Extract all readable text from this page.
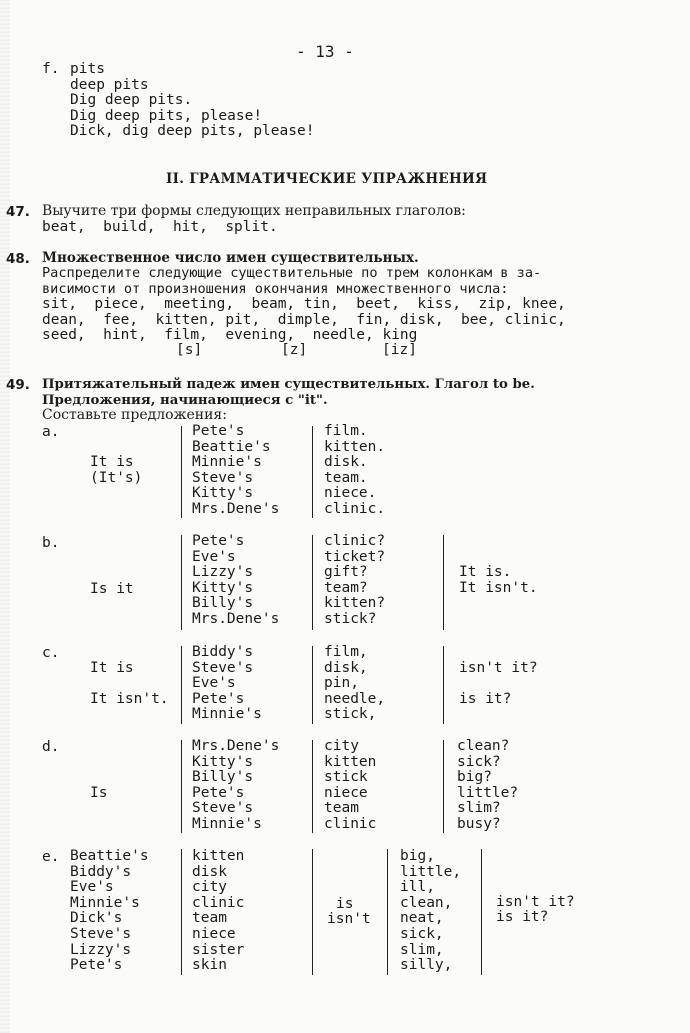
- 13 -
f. pits
deep pits
Dig deep pits.
Dig deep pits, please!
Dick, dig deep pits, please!
II. ГРАММАТИЧЕСКИЕ УПРАЖНЕНИЯ
47. Выучите три формы следующих неправильных глаголов:
beat,  build,  hit,  split.
48. Множественное число имен существительных.
Распределите следующие существительные по трем колонкам в за-
висимости от произношения окончания множественного числа:
sit,  piece,  meeting,  beam, tin,  beet,  kiss,  zip, knee,
dean,  fee,  kitten, pit,  dimple,  fin, disk,  bee, clinic,
seed,  hint,  film,  evening,  needle, king
[s]	[z]	[iz]
49. Притяжательный падеж имен существительных. Глагол to be.
Предложения, начинающиеся с "it".
Составьте предложения:
a.
It is
(It's)
Pete's
Beattie's
Minnie's
Steve's
Kitty's
Mrs.Dene's
film.
kitten.
disk.
team.
niece.
clinic.
b.
Is it
Pete's
Eve's
Lizzy's
Kitty's
Billy's
Mrs.Dene's
clinic?
ticket?
gift?
team?
kitten?
stick?
It is.
It isn't.
c.
It is
It isn't.
Biddy's
Steve's
Eve's
Pete's
Minnie's
film,
disk,
pin,
needle,
stick,
isn't it?
is it?
d.
Is
Mrs.Dene's
Kitty's
Billy's
Pete's
Steve's
Minnie's
city
kitten
stick
niece
team
clinic
clean?
sick?
big?
little?
slim?
busy?
e. Beattie's
Biddy's
Eve's
Minnie's
Dick's
Steve's
Lizzy's
Pete's
kitten
disk
city
clinic
team
niece
sister
skin
is
isn't
big,
little,
ill,
clean,
neat,
sick,
slim,
silly,
isn't it?
is it?
